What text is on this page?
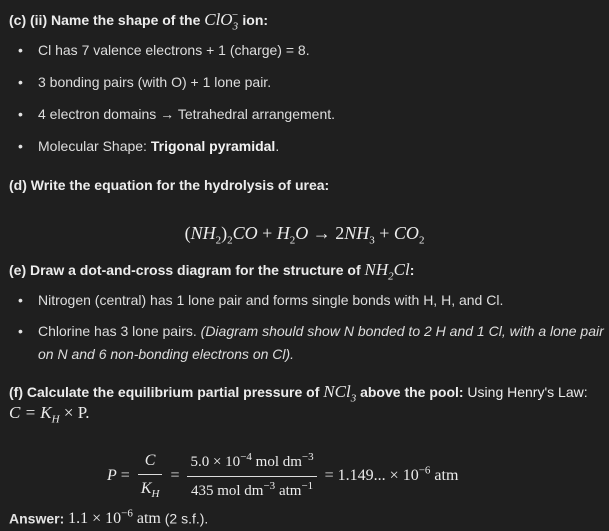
(c) (ii) Name the shape of the ClO$_3$− ion:
• Cl has 7 valence electrons + 1 (charge) = 8.
• 3 bonding pairs (with O) + 1 lone pair.
• 4 electron domains → Tetrahedral arrangement.
• Molecular Shape: Trigonal pyramidal.
(d) Write the equation for the hydrolysis of urea:
$(NH_2)_2CO + H_2O \to 2NH_3 + CO_2$
(e) Draw a dot-and-cross diagram for the structure of $NH_2Cl$:
• Nitrogen (central) has 1 lone pair and forms single bonds with H, H, and Cl.
• Chlorine has 3 lone pairs. (Diagram should show N bonded to 2 H and 1 Cl, with a lone pair
on N and 6 non-bonding electrons on Cl).
(f) Calculate the equilibrium partial pressure of NCl$_3$ above the pool: Using Henry's Law:
$C = K_H \times P$.
$P = \frac{C}{K_H} = \frac{5.0 \times 10^{-4} mol dm^{-3}}{435 mol dm^{-3} atm^{-1}} = 1.149$... × $10^{-6}$ atm
Answer: $1.1 \times 10^{-6}$ atm (2 s.f.).
